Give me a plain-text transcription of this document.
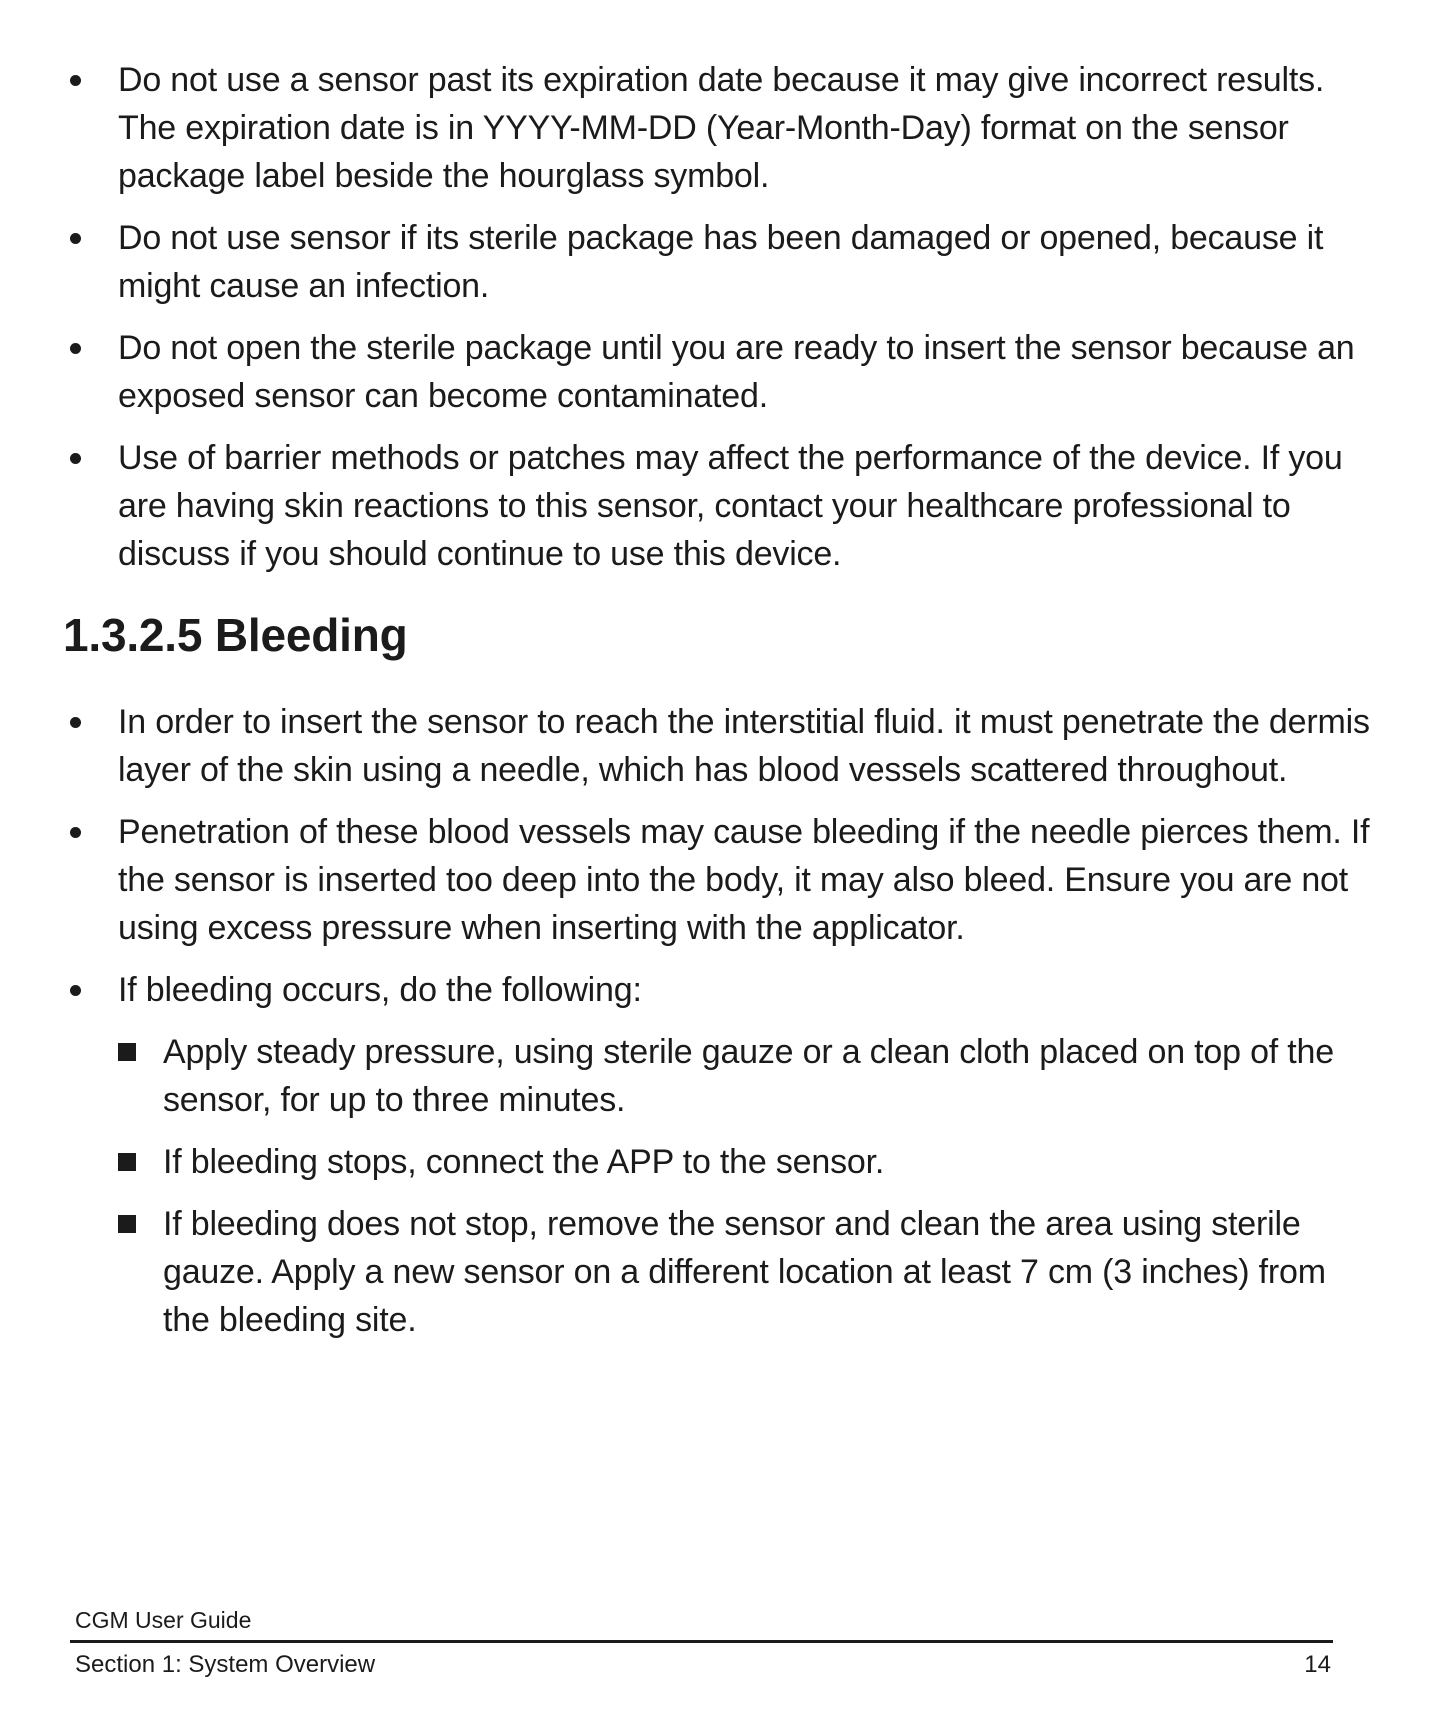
Do not use a sensor past its expiration date because it may give incorrect results. The expiration date is in YYYY-MM-DD (Year-Month-Day) format on the sensor package label beside the hourglass symbol.
Do not use sensor if its sterile package has been damaged or opened, because it might cause an infection.
Do not open the sterile package until you are ready to insert the sensor because an exposed sensor can become contaminated.
Use of barrier methods or patches may affect the performance of the device. If you are having skin reactions to this sensor, contact your healthcare professional to discuss if you should continue to use this device.
1.3.2.5 Bleeding
In order to insert the sensor to reach the interstitial fluid. it must penetrate the dermis layer of the skin using a needle, which has blood vessels scattered throughout.
Penetration of these blood vessels may cause bleeding if the needle pierces them. If the sensor is inserted too deep into the body, it may also bleed. Ensure you are not using excess pressure when inserting with the applicator.
If bleeding occurs, do the following:
Apply steady pressure, using sterile gauze or a clean cloth placed on top of the sensor, for up to three minutes.
If bleeding stops, connect the APP to the sensor.
If bleeding does not stop, remove the sensor and clean the area using sterile gauze. Apply a new sensor on a different location at least 7 cm (3 inches) from the bleeding site.
CGM User Guide
Section 1: System Overview	14
